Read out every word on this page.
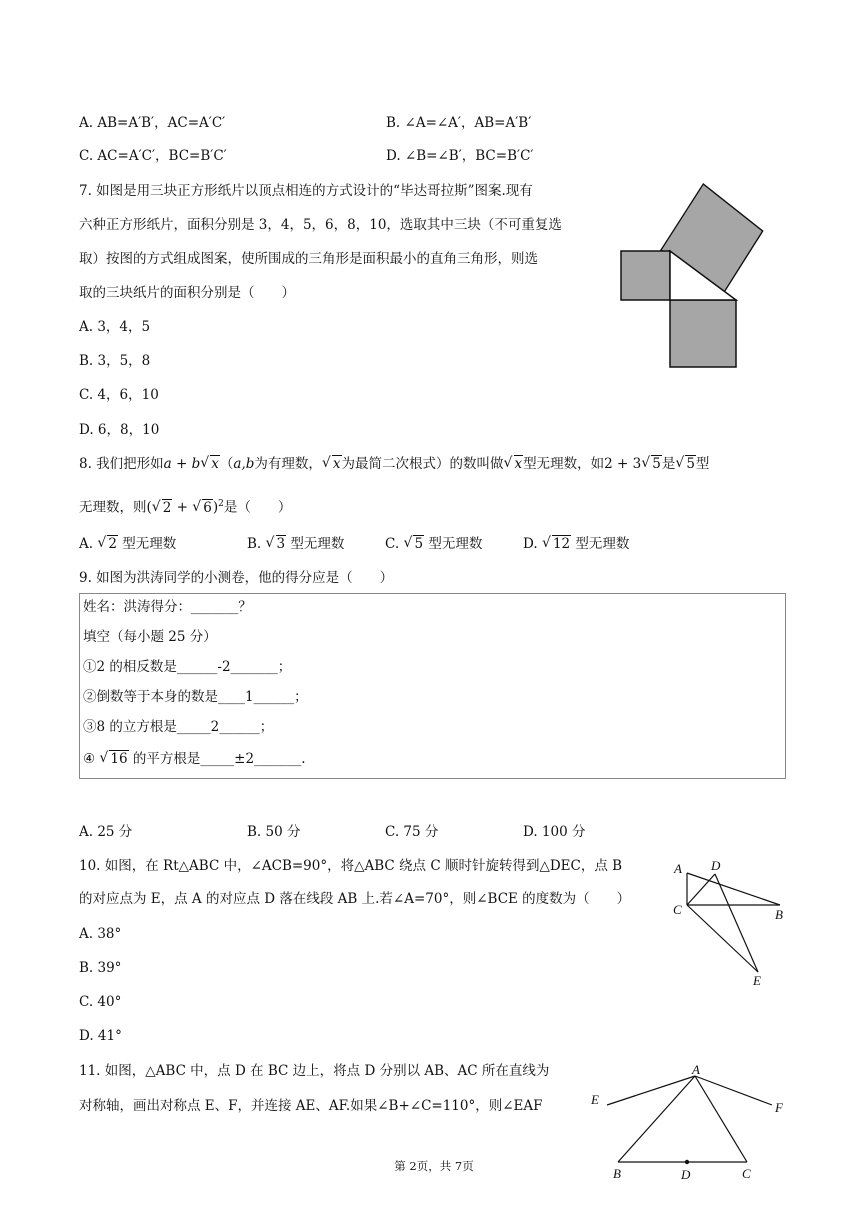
A. AB=A′B′，AC=A′C′	B. ∠A=∠A′，AB=A′B′
C. AC=A′C′，BC=B′C′	D. ∠B=∠B′，BC=B′C′
7. 如图是用三块正方形纸片以顶点相连的方式设计的“毕达哥拉斯”图案.现有
六种正方形纸片，面积分别是 3，4，5，6，8，10，选取其中三块（不可重复选
取）按图的方式组成图案，使所围成的三角形是面积最小的直角三角形，则选
取的三块纸片的面积分别是（　　）
A. 3，4，5
B. 3，5，8
C. 4，6，10
D. 6，8，10
8. 我们把形如a + b √ x（a,b为有理数， √ x为最简二次根式）的数叫做 √ x型无理数，如2 + 3 √ 5是 √ 5型
无理数，则( √ 2 + √ 6)$^2$是（　　）
A. √ 2 型无理数	B. √ 3 型无理数	C. √ 5 型无理数	D. √ 12 型无理数
9. 如图为洪涛同学的小测卷，他的得分应是（　　）
姓名：洪涛得分：_______？
填空（每小题 25 分）
①2 的相反数是______-2_______；
②倒数等于本身的数是____1______；
③8 的立方根是_____2______；
④ √ 16 的平方根是_____±2_______.
A. 25 分	B. 50 分	C. 75 分	D. 100 分
10. 如图，在 Rt△ABC 中，∠ACB=90°，将△ABC 绕点 C 顺时针旋转得到△DEC，点 B
的对应点为 E，点 A 的对应点 D 落在线段 AB 上.若∠A=70°，则∠BCE 的度数为（　　）
A. 38°
B. 39°
C. 40°
D. 41°
A D
C	B
E
11. 如图，△ABC 中，点 D 在 BC 边上，将点 D 分别以 AB、AC 所在直线为
对称轴，画出对称点 E、F，并连接 AE、AF.如果∠B+∠C=110°，则∠EAF
A
E
F
B	D	C
第 2页，共 7页
